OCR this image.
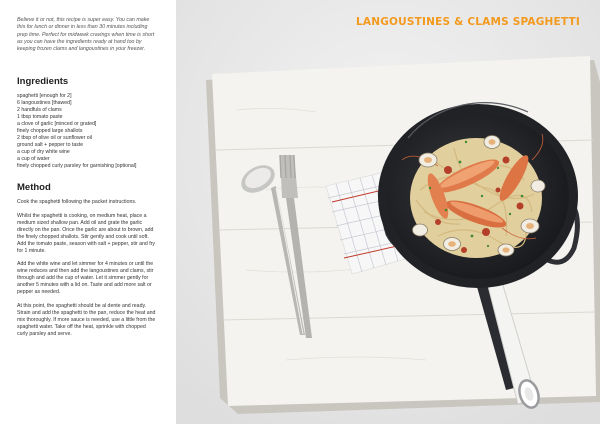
Believe it or not, this recipe is super easy. You can make this for lunch or dinner in less than 30 minutes including prep time. Perfect for midweek cravings when time is short as you can have the ingredients ready at hand too by keeping frozen clams and langoustines in your freezer.

Ingredients
spaghetti [enough for 2]
6 langoustines [thawed]
2 handfuls of clams
1 tbsp tomato paste
a clove of garlic [minced or grated]
finely chopped large shallots
2 tbsp of olive oil or sunflower oil
ground salt + pepper to taste
a cup of dry white wine
a cup of water
finely chopped curly parsley for garnishing [optional]
Method

Cook the spaghetti following the packet instructions.

Whilst the spaghetti is cooking, on medium heat, place a medium sized shallow pan. Add oil and grate the garlic directly on the pan. Once the garlic are about to brown, add the finely chopped shallots. Stir gently and cook until soft. Add the tomato paste, season with salt + pepper, stir and fry for 1 minute.

Add the white wine and let simmer for 4 minutes or until the wine reduces and then add the langoustines and clams, stir through and add the cup of water. Let it simmer gently for another 5 minutes with a lid on. Taste and add more salt or pepper as needed.

At this point, the spaghetti should be al dente and ready. Strain and add the spaghetti to the pan, reduce the heat and mix thoroughly. If more sauce is needed, use a little from the spaghetti water. Take off the heat, sprinkle with chopped curly parsley and serve.

LANGOUSTINES & CLAMS SPAGHETTI
